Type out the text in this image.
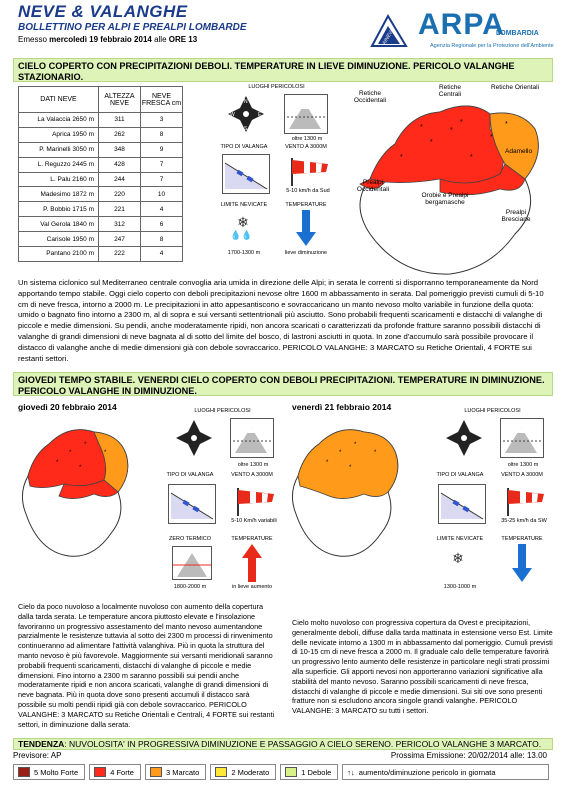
NEVE & VALANGHE
BOLLETTINO PER ALPI E PREALPI LOMBARDE
Emesso mercoledì 19 febbraio 2014 alle ORE 13	AINEVA ARPA
LOMBARDIA
Agenzia Regionale per la Protezione dell'Ambiente
CIELO COPERTO CON PRECIPITAZIONI DEBOLI. TEMPERATURE IN LIEVE DIMINUZIONE. PERICOLO VALANGHE STAZIONARIO.
DATI NEVE	ALTEZZA NEVE	NEVE FRESCA cm
La Valaccia 2650 m	311	3
Aprica 1950 m	262	8
P. Marinelli 3050 m	348	9
L. Reguzzo 2445 m	428	7
L. Palu 2160 m	244	7
Madesimo 1872 m	220	10
P. Bobbio 1715 m	221	4
Val Gerola 1840 m	312	6
Carisole 1950 m	247	8
Pantano 2100 m	222	4
LUOGHI PERICOLOSI
N
S
W	E
oltre 1300 m
TIPO DI VALANGA	VENTO A 3000M
5-10 km/h da Sud
LIMITE NEVICATE	TEMPERATURE
❄
💧💧
1700-1300 m	lieve diminuzione
*
*
*
*
*
*
*
*
Retiche Occidentali
Retiche Centrali
Retiche Orientali
Adamello
Prealpi Occidentali
Orobie e Prealpi bergamasche
Prealpi Bresciane
Un sistema ciclonico sul Mediterraneo centrale convoglia aria umida in direzione delle Alpi; in serata le correnti si disporranno temporaneamente da Nord apportando tempo stabile. Oggi cielo coperto con deboli precipitazioni nevose oltre 1600 m abbassamento in serata. Dal pomeriggio previsti cumuli di 5-10 cm di neve fresca, intorno a 2000 m. Le precipitazioni in atto appesantiscono e sovraccaricano un manto nevoso molto variabile in funzione della quota: umido o bagnato fino intorno a 2300 m, al di sopra e sui versanti settentrionali più asciutto. Sono probabili frequenti scaricamenti e distacchi di valanghe di piccole e medie dimensioni. Su pendii, anche moderatamente ripidi, non ancora scaricati o caratterizzati da profonde fratture saranno possibili distacchi di valanghe di grandi dimensioni di neve bagnata al di sotto del limite del bosco, di lastroni asciutti in quota. In zone d'accumulo sarà possibile provocare il distacco di valanghe anche di medie dimensioni già con debole sovraccarico. PERICOLO VALANGHE: 3 MARCATO su Retiche Orientali, 4 FORTE sui restanti settori.
GIOVEDI TEMPO STABILE. VENERDI CIELO COPERTO CON DEBOLI PRECIPITAZIONI. TEMPERATURE IN DIMINUZIONE. PERICOLO VALANGHE IN DIMINUZIONE.
giovedì 20 febbraio 2014
*
*
*
*
*
LUOGHI PERICOLOSI
oltre 1300 m
TIPO DI VALANGA	VENTO A 3000M
5-10 Km/h variabili
ZERO TERMICO	TEMPERATURE
1800-2000 m	in lieve aumento
Cielo da poco nuvoloso a localmente nuvoloso con aumento della copertura dalla tarda serata. Le temperature ancora piuttosto elevate e l'insolazione favoriranno un progressivo assestamento del manto nevoso aumentandone parzialmente le resistenze tuttavia al sotto dei 2300 m processi di rinvenimento continueranno ad alimentare l'attività valanghiva. Più in quota la struttura del manto nevoso è più favorevole. Maggiormente sui versanti meridionali saranno probabili frequenti scaricamenti, distacchi di valanghe di piccole e medie dimensioni. Fino intorno a 2300 m saranno possibili sui pendii anche moderatamente ripidi e non ancora scaricati, valanghe di grandi dimensioni di neve bagnata. Più in quota dove sono presenti accumuli il distacco sarà possibile su molti pendii ripidi già con debole sovraccarico. PERICOLO VALANGHE: 3 MARCATO su Retiche Orientali e Centrali, 4 FORTE sui restanti settori, in diminuzione dalla serata.
venerdì 21 febbraio 2014
*
*
*
*
*
LUOGHI PERICOLOSI
oltre 1300 m
TIPO DI VALANGA	VENTO A 3000M
35-25 km/h da SW
LIMITE NEVICATE	TEMPERATURE
❄
1300-1000 m
Cielo molto nuvoloso con progressiva copertura da Ovest e precipitazioni, generalmente deboli, diffuse dalla tarda mattinata in estensione verso Est. Limite delle nevicate intorno a 1300 m in abbassamento dal pomeriggio. Cumuli previsti di 10-15 cm di neve fresca a 2000 m. Il graduale calo delle temperature favorirà un progressivo lento aumento delle resistenze in particolare negli strati prossimi alla superficie. Gli apporti nevosi non apporteranno variazioni significative alla stabilità del manto nevoso. Saranno possibili scaricamenti di neve fresca, distacchi di valanghe di piccole e medie dimensioni. Sui siti ove sono presenti fratture non si escludono ancora singole grandi valanghe. PERICOLO VALANGHE: 3 MARCATO su tutti i settori.
TENDENZA: NUVOLOSITA' IN PROGRESSIVA DIMINUZIONE E PASSAGGIO A CIELO SERENO. PERICOLO VALANGHE 3 MARCATO.
Previsore: AP	Prossima Emissione: 20/02/2014 alle: 13.00
5 Molto Forte	4 Forte	3 Marcato	2 Moderato	1 Debole ↑↓ aumento/diminuzione pericolo in giornata
